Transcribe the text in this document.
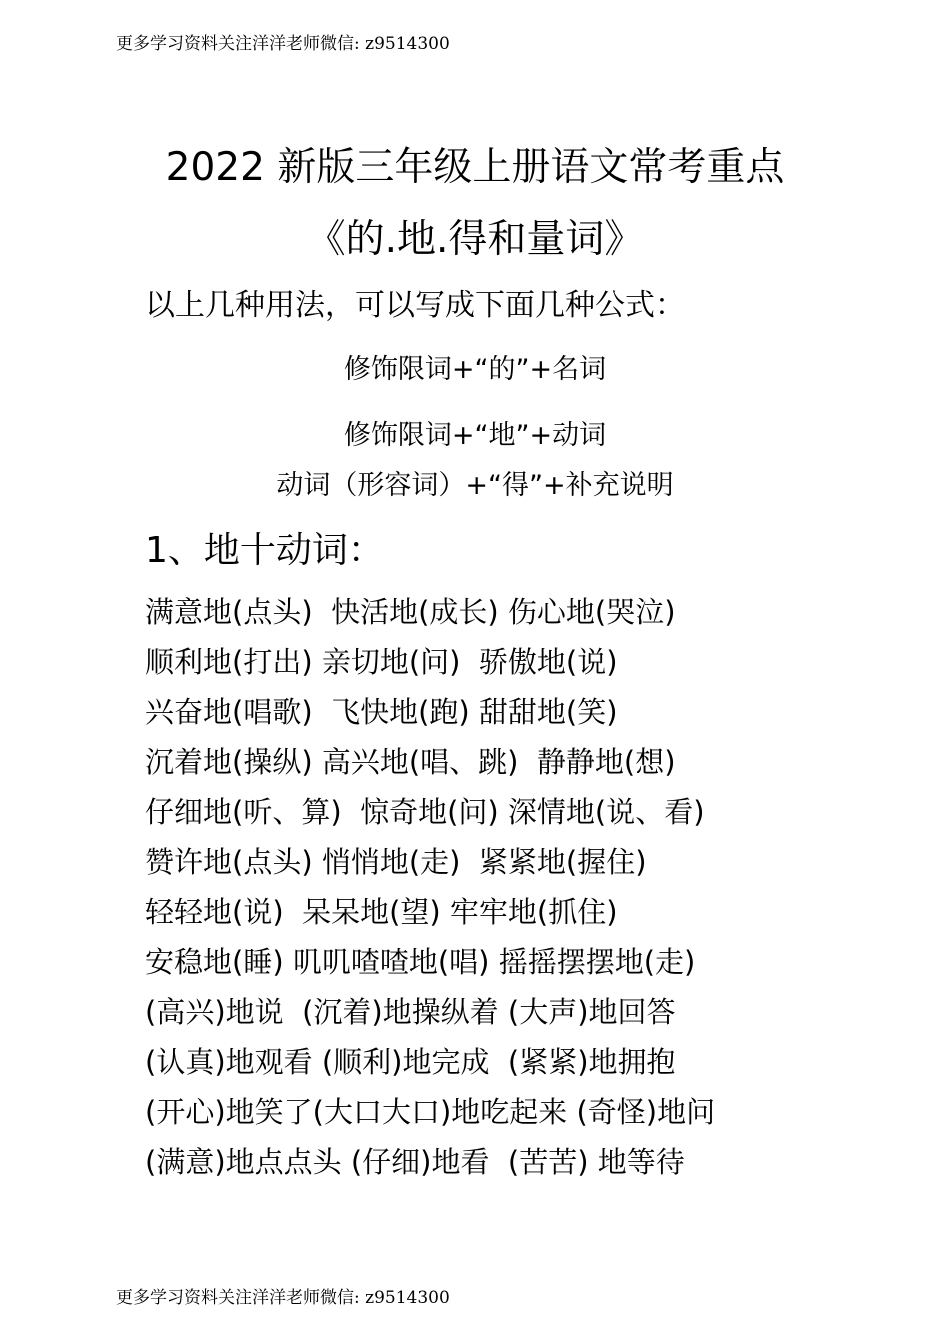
更多学习资料关注洋洋老师微信: z9514300
2022 新版三年级上册语文常考重点
《的.地.得和量词》
以上几种用法，可以写成下面几种公式：
修饰限词+“的”+名词
修饰限词+“地”+动词
动词（形容词）+“得”+补充说明
1、地十动词：
满意地(点头)  快活地(成长) 伤心地(哭泣)
顺利地(打出) 亲切地(问)  骄傲地(说)
兴奋地(唱歌)  飞快地(跑) 甜甜地(笑)
沉着地(操纵) 高兴地(唱、跳)  静静地(想)
仔细地(听、算)  惊奇地(问) 深情地(说、看)
赞许地(点头) 悄悄地(走)  紧紧地(握住)
轻轻地(说)  呆呆地(望) 牢牢地(抓住)
安稳地(睡) 叽叽喳喳地(唱) 摇摇摆摆地(走)
(高兴)地说  (沉着)地操纵着 (大声)地回答
(认真)地观看 (顺利)地完成  (紧紧)地拥抱
(开心)地笑了(大口大口)地吃起来 (奇怪)地问
(满意)地点点头 (仔细)地看  (苦苦) 地等待
更多学习资料关注洋洋老师微信: z9514300
